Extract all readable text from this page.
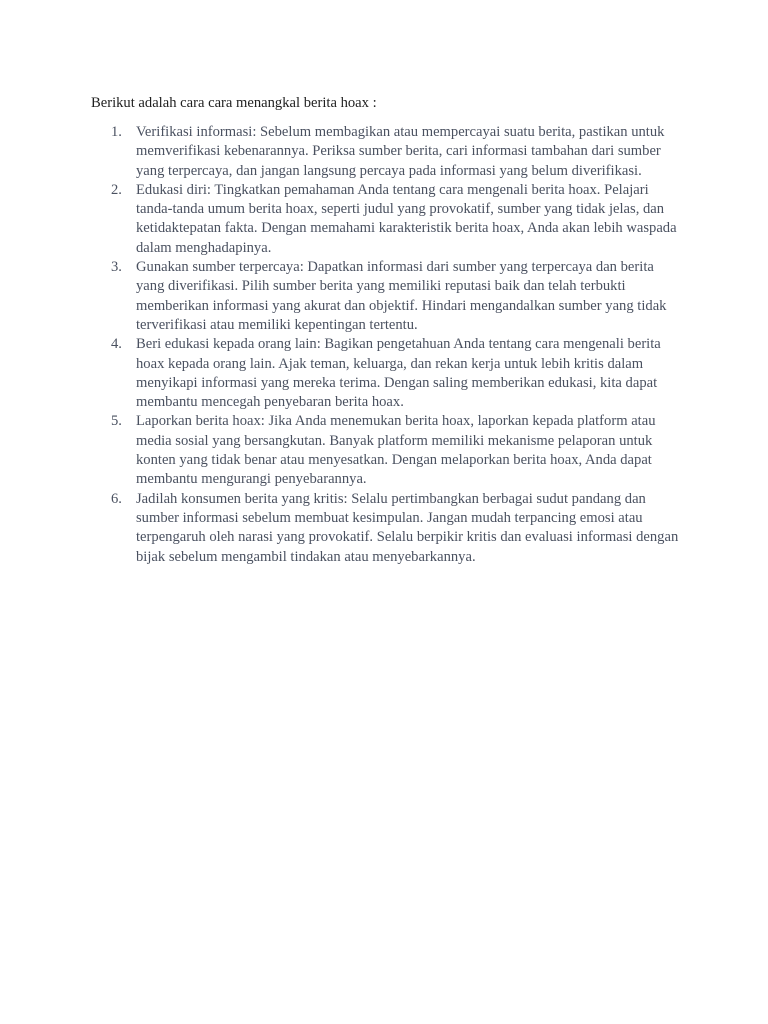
Berikut adalah cara cara menangkal berita hoax :

1. Verifikasi informasi: Sebelum membagikan atau mempercayai suatu berita, pastikan untuk memverifikasi kebenarannya. Periksa sumber berita, cari informasi tambahan dari sumber yang terpercaya, dan jangan langsung percaya pada informasi yang belum diverifikasi.
2. Edukasi diri: Tingkatkan pemahaman Anda tentang cara mengenali berita hoax. Pelajari tanda-tanda umum berita hoax, seperti judul yang provokatif, sumber yang tidak jelas, dan ketidaktepatan fakta. Dengan memahami karakteristik berita hoax, Anda akan lebih waspada dalam menghadapinya.
3. Gunakan sumber terpercaya: Dapatkan informasi dari sumber yang terpercaya dan berita yang diverifikasi. Pilih sumber berita yang memiliki reputasi baik dan telah terbukti memberikan informasi yang akurat dan objektif. Hindari mengandalkan sumber yang tidak terverifikasi atau memiliki kepentingan tertentu.
4. Beri edukasi kepada orang lain: Bagikan pengetahuan Anda tentang cara mengenali berita hoax kepada orang lain. Ajak teman, keluarga, dan rekan kerja untuk lebih kritis dalam menyikapi informasi yang mereka terima. Dengan saling memberikan edukasi, kita dapat membantu mencegah penyebaran berita hoax.
5. Laporkan berita hoax: Jika Anda menemukan berita hoax, laporkan kepada platform atau media sosial yang bersangkutan. Banyak platform memiliki mekanisme pelaporan untuk konten yang tidak benar atau menyesatkan. Dengan melaporkan berita hoax, Anda dapat membantu mengurangi penyebarannya.
6. Jadilah konsumen berita yang kritis: Selalu pertimbangkan berbagai sudut pandang dan sumber informasi sebelum membuat kesimpulan. Jangan mudah terpancing emosi atau terpengaruh oleh narasi yang provokatif. Selalu berpikir kritis dan evaluasi informasi dengan bijak sebelum mengambil tindakan atau menyebarkannya.
